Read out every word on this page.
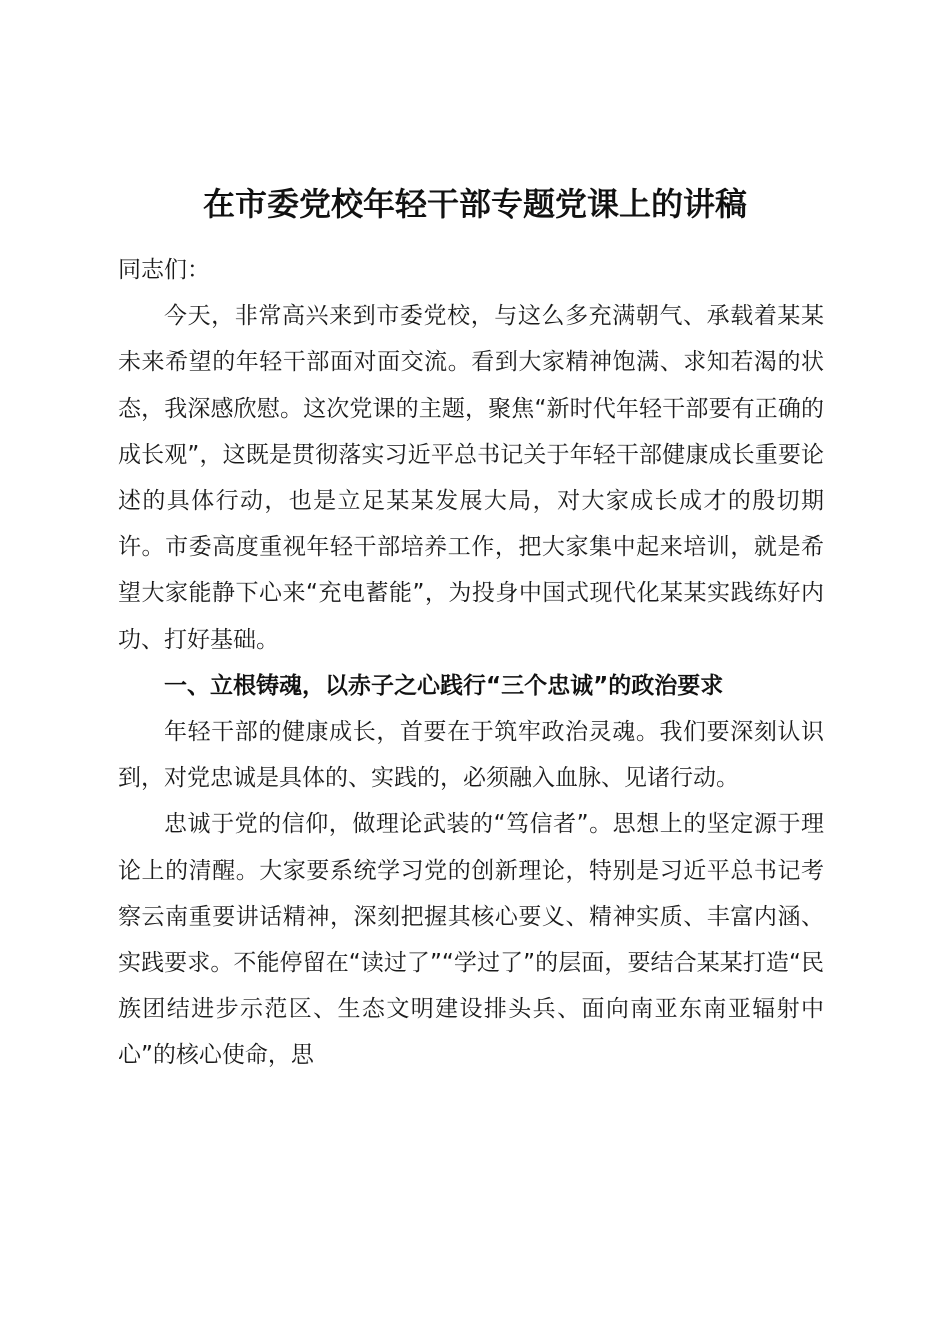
在市委党校年轻干部专题党课上的讲稿

同志们：

今天，非常高兴来到市委党校，与这么多充满朝气、承载着某某未来希望的年轻干部面对面交流。看到大家精神饱满、求知若渴的状态，我深感欣慰。这次党课的主题，聚焦“新时代年轻干部要有正确的成长观”，这既是贯彻落实习近平总书记关于年轻干部健康成长重要论述的具体行动，也是立足某某发展大局，对大家成长成才的殷切期许。市委高度重视年轻干部培养工作，把大家集中起来培训，就是希望大家能静下心来“充电蓄能”，为投身中国式现代化某某实践练好内功、打好基础。

一、立根铸魂，以赤子之心践行“三个忠诚”的政治要求

年轻干部的健康成长，首要在于筑牢政治灵魂。我们要深刻认识到，对党忠诚是具体的、实践的，必须融入血脉、见诸行动。

忠诚于党的信仰，做理论武装的“笃信者”。思想上的坚定源于理论上的清醒。大家要系统学习党的创新理论，特别是习近平总书记考察云南重要讲话精神，深刻把握其核心要义、精神实质、丰富内涵、实践要求。不能停留在“读过了”“学过了”的层面，要结合某某打造“民族团结进步示范区、生态文明建设排头兵、面向南亚东南亚辐射中心”的核心使命，思
